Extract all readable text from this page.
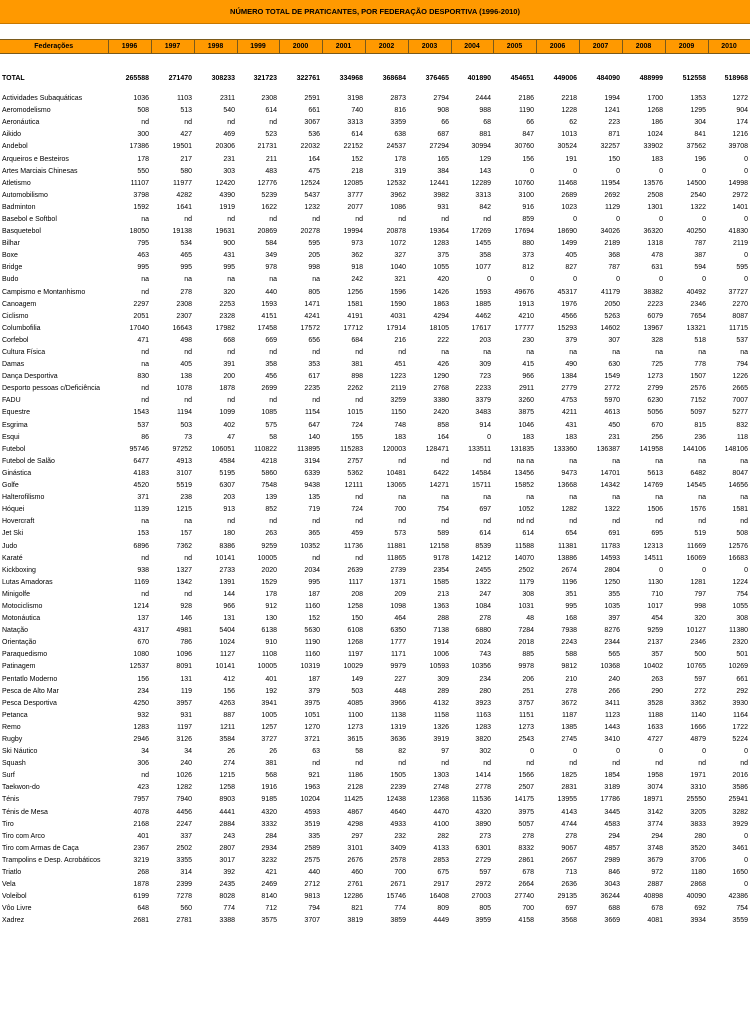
NÚMERO TOTAL DE PRATICANTES, POR FEDERAÇÃO DESPORTIVA (1996-2010)
Federações	1996	1997	1998	1999	2000	2001	2002	2003	2004	2005	2006	2007	2008	2009	2010

TOTAL	265588	271470	308233	321723	322761	334968	368684	376465	401890	454651	449006	484090	488999	512558	518968

Actividades Subaquáticas	1036	1103	2311	2308	2591	3198	2873	2794	2444	2186	2218	1994	1700	1353	1272
Aeromodelismo	508	513	540	614	661	740	816	908	988	1190	1228	1241	1268	1295	904
Aeronáutica	nd	nd	nd	nd	3067	3313	3359	66	68	66	62	223	186	304	174
Aikido	300	427	469	523	536	614	638	687	881	847	1013	871	1024	841	1216
Andebol	17386	19501	20306	21731	22032	22152	24537	27294	30994	30760	30524	32257	33902	37562	39708
Arqueiros e Besteiros	178	217	231	211	164	152	178	165	129	156	191	150	183	196	0
Artes Marciais Chinesas	550	580	303	483	475	218	319	384	143	0	0	0	0	0	0
Atletismo	11107	11977	12420	12776	12524	12085	12532	12441	12289	10760	11468	11954	13576	14500	14998
Automobilismo	3798	4282	4390	5239	5437	3777	3962	3982	3313	3100	2689	2692	2508	2540	2972
Badminton	1592	1641	1919	1622	1232	2077	1086	931	842	916	1023	1129	1301	1322	1401
Basebol e Softbol	na	nd	nd	nd	nd	nd	nd	nd	nd	859	0	0	0	0	0
Basquetebol	18050	19138	19631	20869	20278	19994	20878	19364	17269	17694	18690	34026	36320	40250	41830
Bilhar	795	534	900	584	595	973	1072	1283	1455	880	1499	2189	1318	787	2119
Boxe	463	465	431	349	205	362	327	375	358	373	405	368	478	387	0
Bridge	995	995	995	978	998	918	1040	1055	1077	812	827	787	631	594	595
Budo	na	na	na	na	na	242	321	420	0	0	0	0	0	0	0
Campismo e Montanhismo	nd	278	320	440	805	1256	1596	1426	1593	49676	45317	41179	38382	40492	37727
Canoagem	2297	2308	2253	1593	1471	1581	1590	1863	1885	1913	1976	2050	2223	2346	2270
Ciclismo	2051	2307	2328	4151	4241	4191	4031	4294	4462	4210	4566	5263	6079	7654	8087
Columbofilia	17040	16643	17982	17458	17572	17712	17914	18105	17617	17777	15293	14602	13967	13321	11715
Corfebol	471	498	668	669	656	684	216	222	203	230	379	307	328	518	537
Cultura Física	nd	nd	nd	nd	nd	nd	nd	na	na	na	na	na	na	na	na
Damas	na	405	391	358	353	381	451	426	309	415	490	630	725	778	794
Dança Desportiva	830	138	200	456	617	898	1223	1290	723	966	1384	1549	1273	1507	1226
Desporto pessoas c/Deficiência	nd	1078	1878	2699	2235	2262	2119	2768	2233	2911	2779	2772	2799	2576	2665
FADU	nd	nd	nd	nd	nd	nd	3259	3380	3379	3260	4753	5970	6230	7152	7007
Equestre	1543	1194	1099	1085	1154	1015	1150	2420	3483	3875	4211	4613	5056	5097	5277
Esgrima	537	503	402	575	647	724	748	858	914	1046	431	450	670	815	832
Esqui	86	73	47	58	140	155	183	164	0	183	183	231	256	236	118
Futebol	95746	97252	106051	110822	113895	115283	120003	128471	133511	131835	133360	136387	141958	144106	148106
Futebol de Salão	6477	4913	4584	4218	3194	2757	nd	nd	nd	na na	na	na	na	na	na
Ginástica	4183	3107	5195	5860	6339	5362	10481	6422	14584	13456	9473	14701	5613	6482	8047
Golfe	4520	5519	6307	7548	9438	12111	13065	14271	15711	15852	13668	14342	14769	14545	14656
Halterofilismo	371	238	203	139	135	nd	na	na	na	na	na	na	na	na	na
Hóquei	1139	1215	913	852	719	724	700	754	697	1052	1282	1322	1506	1576	1581
Hovercraft	na	na	nd	nd	nd	nd	nd	nd	nd	nd nd	nd	nd	nd	nd	nd
Jet Ski	153	157	180	263	365	459	573	589	614	614	654	691	695	519	508
Judo	6896	7362	8386	9259	10352	11736	11881	12158	8539	11588	11381	11783	12313	11669	12576
Karaté	nd	nd	10141	10005	nd	nd	11865	9178	14212	14070	13886	14593	14511	16069	16683
Kickboxing	938	1327	2733	2020	2034	2639	2739	2354	2455	2502	2674	2804	0	0	0
Lutas Amadoras	1169	1342	1391	1529	995	1117	1371	1585	1322	1179	1196	1250	1130	1281	1224
Minigolfe	nd	nd	144	178	187	208	209	213	247	308	351	355	710	797	754
Motociclismo	1214	928	966	912	1160	1258	1098	1363	1084	1031	995	1035	1017	998	1055
Motonáutica	137	146	131	130	152	150	464	288	278	48	168	397	454	320	308
Natação	4317	4981	5404	6138	5630	6108	6350	7138	6880	7284	7938	8276	9259	10127	11380
Orientação	670	786	1024	910	1190	1268	1777	1914	2024	2018	2243	2344	2137	2346	2320
Paraquedismo	1080	1096	1127	1108	1160	1197	1171	1006	743	885	588	565	357	500	501
Patinagem	12537	8091	10141	10005	10319	10029	9979	10593	10356	9978	9812	10368	10402	10765	10269
Pentatlo Moderno	156	131	412	401	187	149	227	309	234	206	210	240	263	597	661
Pesca de Alto Mar	234	119	156	192	379	503	448	289	280	251	278	266	290	272	292
Pesca Desportiva	4250	3957	4263	3941	3975	4085	3966	4132	3923	3757	3672	3411	3528	3362	3930
Petanca	932	931	887	1005	1051	1100	1138	1158	1163	1151	1187	1123	1188	1140	1164
Remo	1283	1197	1211	1257	1270	1273	1319	1326	1283	1273	1385	1443	1633	1666	1722
Rugby	2946	3126	3584	3727	3721	3615	3636	3919	3820	2543	2745	3410	4727	4879	5224
Ski Náutico	34	34	26	26	63	58	82	97	302	0	0	0	0	0	0
Squash	306	240	274	381	nd	nd	nd	nd	nd	nd	nd	nd	nd	nd	nd
Surf	nd	1026	1215	568	921	1186	1505	1303	1414	1566	1825	1854	1958	1971	2016
Taekwon-do	423	1282	1258	1916	1963	2128	2239	2748	2778	2507	2831	3189	3074	3310	3586
Ténis	7957	7940	8903	9185	10204	11425	12438	12368	11536	14175	13955	17786	18971	25550	25941
Ténis de Mesa	4078	4456	4441	4320	4593	4867	4640	4470	4320	3975	4143	3445	3142	3205	3282
Tiro	2168	2247	2884	3332	3519	4298	4933	4100	3890	5057	4744	4583	3774	3833	3929
Tiro com Arco	401	337	243	284	335	297	232	282	273	278	278	294	294	280	0
Tiro com Armas de Caça	2367	2502	2807	2934	2589	3101	3409	4133	6301	8332	9067	4857	3748	3520	3461
Trampolins e Desp. Acrobáticos	3219	3355	3017	3232	2575	2676	2578	2853	2729	2861	2667	2989	3679	3706	0
Triatlo	268	314	392	421	440	460	700	675	597	678	713	846	972	1180	1650
Vela	1878	2399	2435	2469	2712	2761	2671	2917	2972	2664	2636	3043	2887	2868	0
Voleibol	6199	7278	8028	8140	9813	12286	15746	16408	27003	27740	29135	36244	40898	40090	42386
Vôo Livre	648	560	774	712	794	821	774	809	805	700	697	688	678	692	754
Xadrez	2681	2781	3388	3575	3707	3819	3859	4449	3959	4158	3568	3669	4081	3934	3559
